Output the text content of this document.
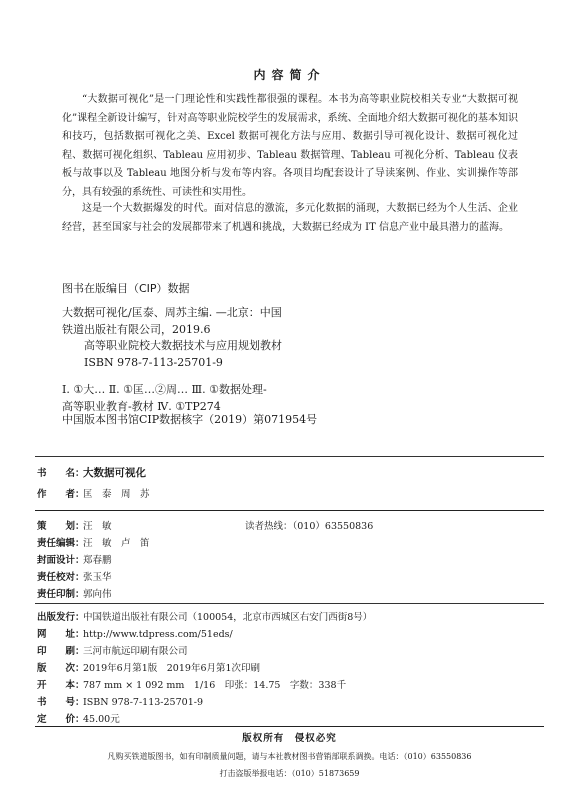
内容简介

“大数据可视化”是一门理论性和实践性都很强的课程。本书为高等职业院校相关专业“大数据可视化”课程全新设计编写，针对高等职业院校学生的发展需求，系统、全面地介绍大数据可视化的基本知识和技巧，包括数据可视化之美、Excel 数据可视化方法与应用、数据引导可视化设计、数据可视化过程、数据可视化组织、Tableau 应用初步、Tableau 数据管理、Tableau 可视化分析、Tableau 仪表板与故事以及 Tableau 地图分析与发布等内容。各项目均配套设计了导读案例、作业、实训操作等部分，具有较强的系统性、可读性和实用性。

这是一个大数据爆发的时代。面对信息的激流，多元化数据的涌现，大数据已经为个人生活、企业经营，甚至国家与社会的发展都带来了机遇和挑战，大数据已经成为 IT 信息产业中最具潜力的蓝海。

图书在版编目（CIP）数据
大数据可视化/匡泰、周苏主编. —北京：中国
铁道出版社有限公司，2019.6
高等职业院校大数据技术与应用规划教材
ISBN 978-7-113-25701-9
Ⅰ. ①大… Ⅱ. ①匡…②周… Ⅲ. ①数据处理-
高等职业教育-教材 Ⅳ. ①TP274
中国版本图书馆CIP数据核字（2019）第071954号
书　　名：大数据可视化
作　　者：匡　泰　周　苏
策　　划：汪　敏	读者热线：（010）63550836
责任编辑：汪　敏　卢　笛
封面设计：郑春鹏
责任校对：张玉华
责任印制：郭向伟
出版发行：中国铁道出版社有限公司（100054，北京市西城区右安门西街8号）
网　　址：http://www.tdpress.com/51eds/
印　　刷：三河市航远印刷有限公司
版　　次：2019年6月第1版　2019年6月第1次印刷
开　　本：787 mm × 1 092 mm　1/16　印张：14.75　字数：338千
书　　号：ISBN 978-7-113-25701-9
定　　价：45.00元
版权所有　侵权必究
凡购买铁道版图书，如有印制质量问题，请与本社教材图书营销部联系调换。电话：（010）63550836
打击盗版举报电话：（010）51873659
